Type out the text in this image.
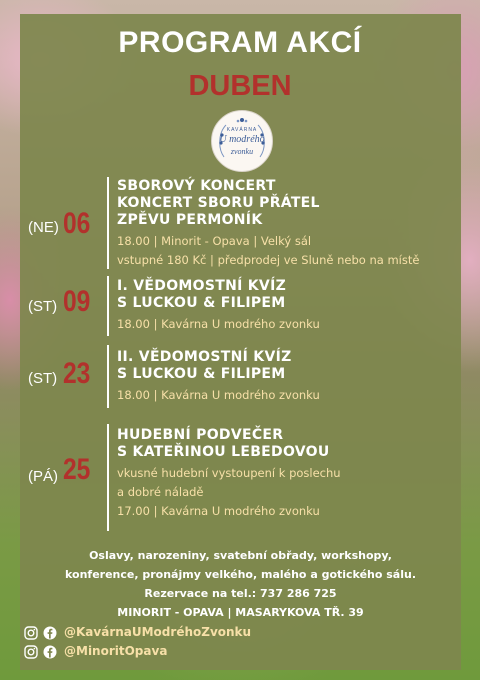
PROGRAM AKCÍ
DUBEN
KAVÁRNA
U modrého
zvonku
(NE) 06
SBOROVÝ KONCERT
KONCERT SBORU PŘÁTEL
ZPĚVU PERMONÍK
18.00 | Minorit - Opava | Velký sál
vstupné 180 Kč | předprodej ve Sluně nebo na místě
(ST) 09 I. VĚDOMOSTNÍ KVÍZ
S LUCKOU & FILIPEM
18.00 | Kavárna U modrého zvonku
(ST) 23 II. VĚDOMOSTNÍ KVÍZ
S LUCKOU & FILIPEM
18.00 | Kavárna U modrého zvonku
(PÁ) 25
HUDEBNÍ PODVEČER
S KATEŘINOU LEBEDOVOU
vkusné hudební vystoupení k poslechu
a dobré náladě
17.00 | Kavárna U modrého zvonku
Oslavy, narozeniny, svatební obřady, workshopy,
konference, pronájmy velkého, malého a gotického sálu.
Rezervace na tel.: 737 286 725
MINORIT - OPAVA | MASARYKOVA TŘ. 39
@KavárnaUModréhoZvonku
@MinoritOpava
